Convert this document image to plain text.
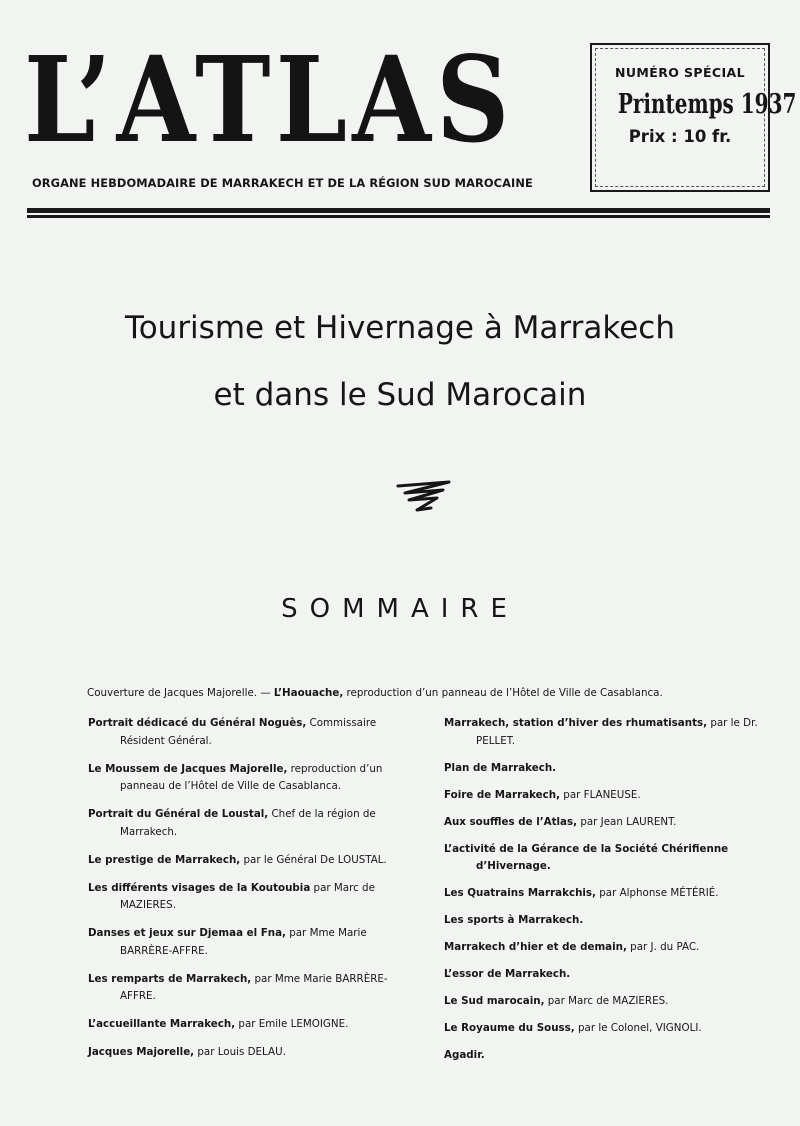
L’ATLAS
ORGANE HEBDOMADAIRE DE MARRAKECH ET DE LA RÉGION SUD MAROCAINE
NUMÉRO SPÉCIAL
Printemps 1937
Prix : 10 fr.
Tourisme et Hivernage à Marrakech
et dans le Sud Marocain
SOMMAIRE

Couverture de Jacques Majorelle. — L’Haouache, reproduction d’un panneau de l’Hôtel de Ville de Casablanca.

Portrait dédicacé du Général Noguès, Commissaire Résident Général.

Le Moussem de Jacques Majorelle, reproduction d’un panneau de l’Hôtel de Ville de Casablanca.

Portrait du Général de Loustal, Chef de la région de Marrakech.

Le prestige de Marrakech, par le Général De LOUSTAL.

Les différents visages de la Koutoubia par Marc de MAZIERES.

Danses et jeux sur Djemaa el Fna, par Mme Marie BARRÈRE-AFFRE.

Les remparts de Marrakech, par Mme Marie BARRÈRE-AFFRE.

L’accueillante Marrakech, par Emile LEMOIGNE.

Jacques Majorelle, par Louis DELAU.

Marrakech, station d’hiver des rhumatisants, par le Dr. PELLET.

Plan de Marrakech.

Foire de Marrakech, par FLANEUSE.

Aux souffles de l’Atlas, par Jean LAURENT.

L’activité de la Gérance de la Société Chérifienne d’Hivernage.

Les Quatrains Marrakchis, par Alphonse MÉTÉRIÉ.

Les sports à Marrakech.

Marrakech d’hier et de demain, par J. du PAC.

L’essor de Marrakech.

Le Sud marocain, par Marc de MAZIERES.

Le Royaume du Souss, par le Colonel, VIGNOLI.

Agadir.
